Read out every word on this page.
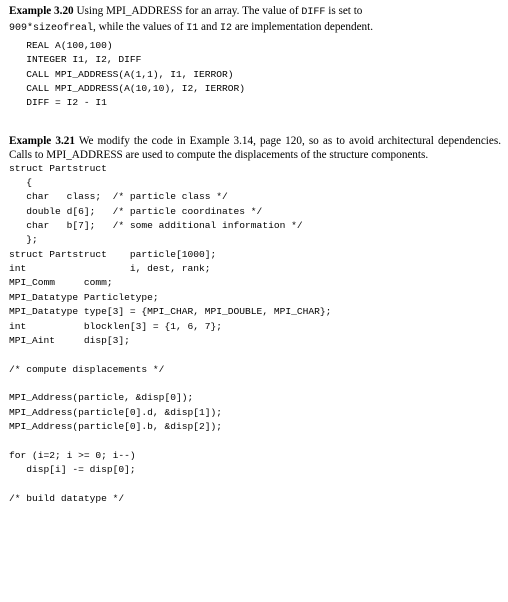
Example 3.20 Using MPI_ADDRESS for an array. The value of DIFF is set to
909*sizeofreal, while the values of I1 and I2 are implementation dependent.

REAL A(100,100)
INTEGER I1, I2, DIFF
CALL MPI_ADDRESS(A(1,1), I1, IERROR)
CALL MPI_ADDRESS(A(10,10), I2, IERROR)
DIFF = I2 - I1

Example 3.21 We modify the code in Example 3.14, page 120, so as to avoid architectural dependencies. Calls to MPI_ADDRESS are used to compute the displacements of the structure components.

struct Partstruct
{
char   class;  /* particle class */
double d[6];   /* particle coordinates */
char   b[7];   /* some additional information */
};
struct Partstruct    particle[1000];
int                  i, dest, rank;
MPI_Comm     comm;
MPI_Datatype Particletype;
MPI_Datatype type[3] = {MPI_CHAR, MPI_DOUBLE, MPI_CHAR};
int          blocklen[3] = {1, 6, 7};
MPI_Aint     disp[3];

/* compute displacements */

MPI_Address(particle, &disp[0]);
MPI_Address(particle[0].d, &disp[1]);
MPI_Address(particle[0].b, &disp[2]);

for (i=2; i >= 0; i--)
disp[i] -= disp[0];

/* build datatype */
